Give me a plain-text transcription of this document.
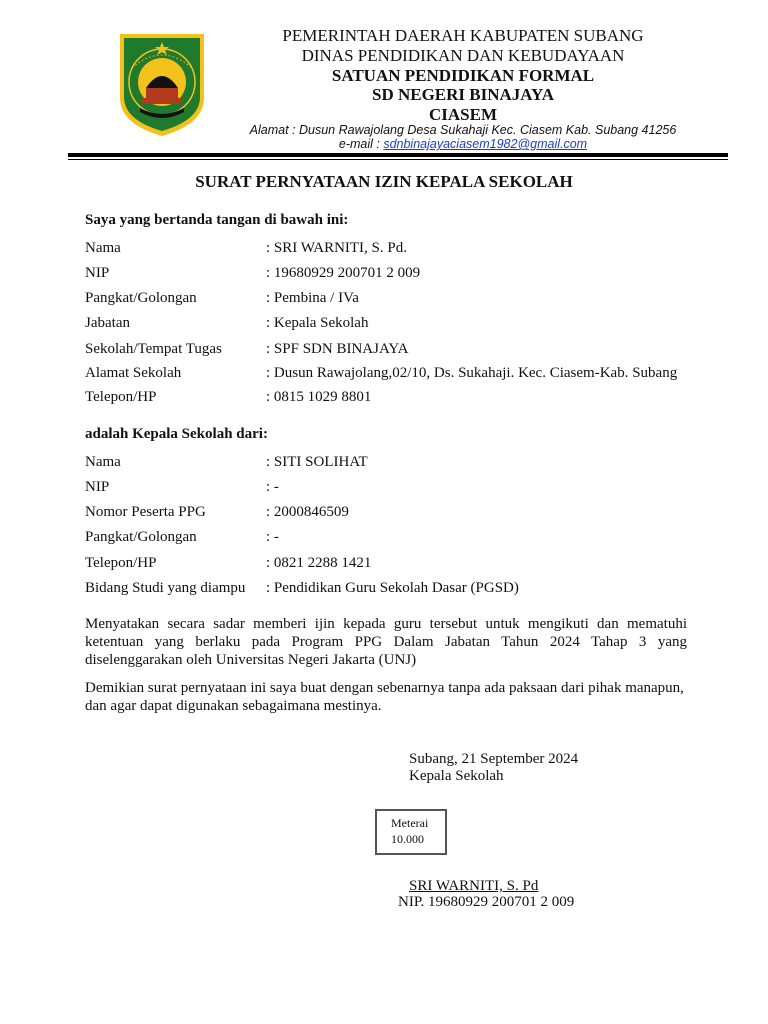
PEMERINTAH DAERAH KABUPATEN SUBANG
DINAS PENDIDIKAN DAN KEBUDAYAAN
SATUAN PENDIDIKAN FORMAL
SD NEGERI BINAJAYA
CIASEM
Alamat : Dusun Rawajolang Desa Sukahaji Kec. Ciasem Kab. Subang 41256
e-mail : sdnbinajayaciasem1982@gmail.com
SURAT PERNYATAAN IZIN KEPALA SEKOLAH
Saya yang bertanda tangan di bawah ini:
Nama	: SRI WARNITI, S. Pd.
NIP	: 19680929 200701 2 009
Pangkat/Golongan	: Pembina / IVa
Jabatan	: Kepala Sekolah
Sekolah/Tempat Tugas	: SPF SDN BINAJAYA
Alamat Sekolah	: Dusun Rawajolang,02/10, Ds. Sukahaji. Kec. Ciasem-Kab. Subang
Telepon/HP	: 0815 1029 8801
adalah Kepala Sekolah dari:
Nama	: SITI SOLIHAT
NIP	: -
Nomor Peserta PPG	: 2000846509
Pangkat/Golongan	: -
Telepon/HP	: 0821 2288 1421
Bidang Studi yang diampu : Pendidikan Guru Sekolah Dasar (PGSD)
Menyatakan secara sadar memberi ijin kepada guru tersebut untuk mengikuti dan mematuhi ketentuan yang berlaku pada Program PPG Dalam Jabatan Tahun 2024 Tahap 3 yang diselenggarakan oleh Universitas Negeri Jakarta (UNJ)
Demikian surat pernyataan ini saya buat dengan sebenarnya tanpa ada paksaan dari pihak manapun, dan agar dapat digunakan sebagaimana mestinya.
Subang, 21 September 2024
Kepala Sekolah
Meterai
10.000
SRI WARNITI, S. Pd
NIP. 19680929 200701 2 009
